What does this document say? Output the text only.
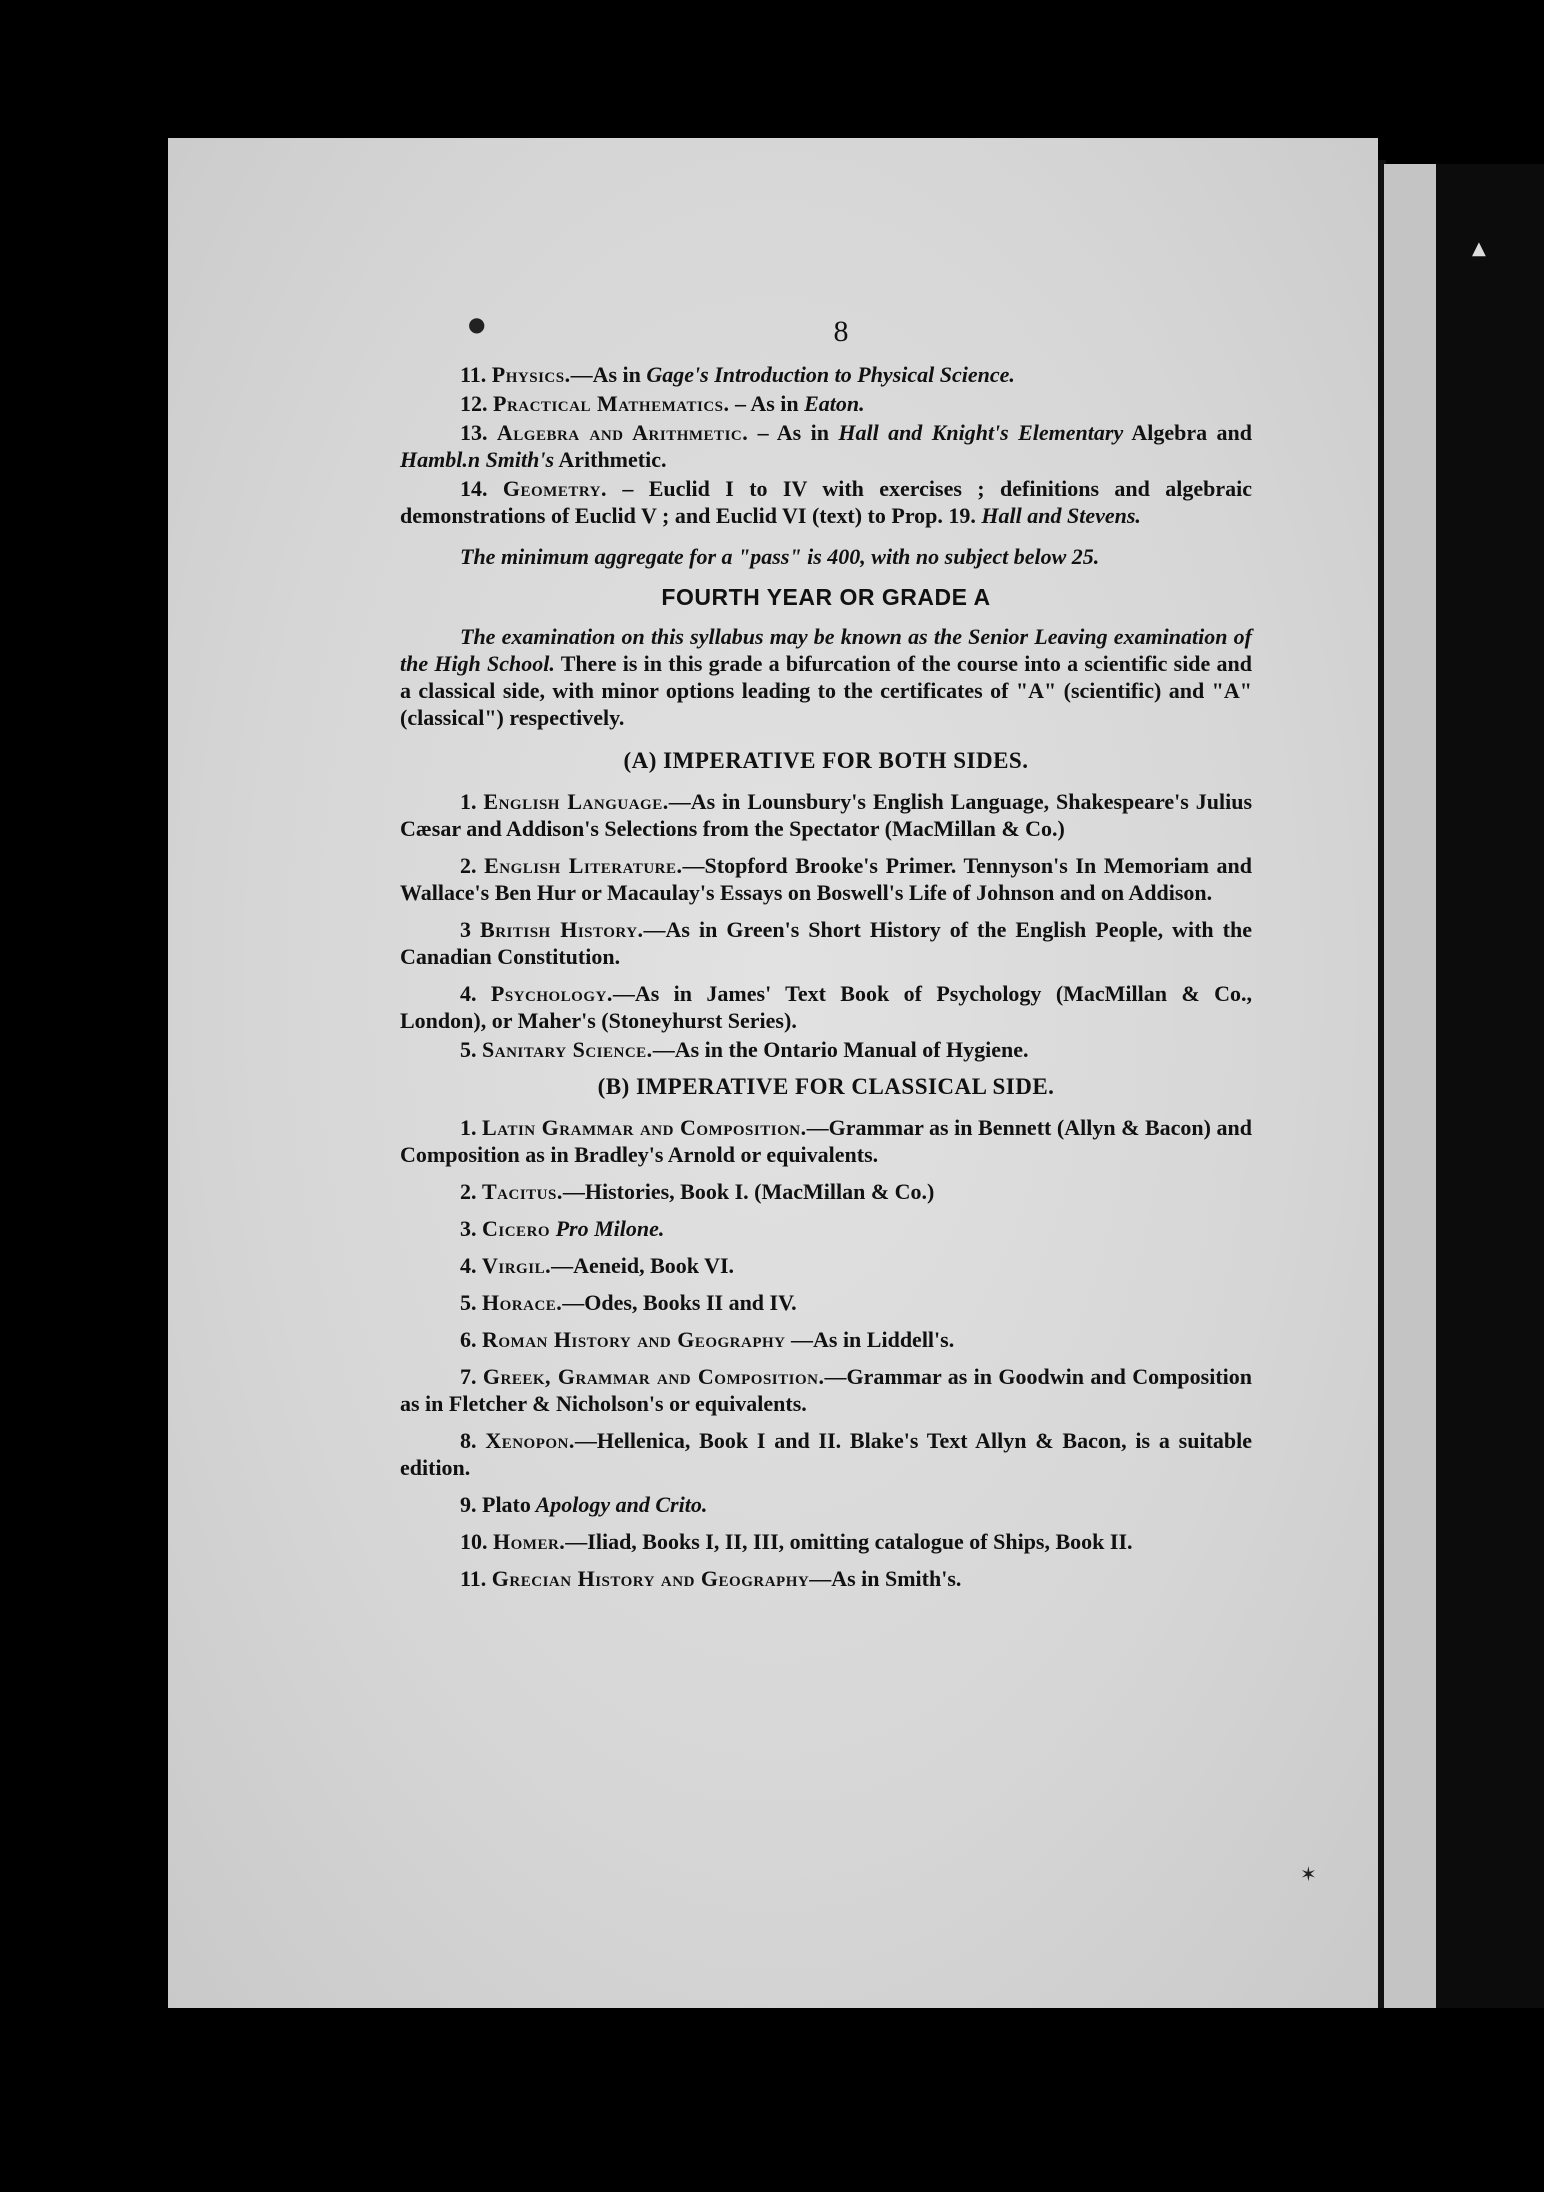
●
▲
✶
8

11. Physics.—As in Gage's Introduction to Physical Science.

12. Practical Mathematics. – As in Eaton.

13. Algebra and Arithmetic. – As in Hall and Knight's Elementary Algebra and Hambl.n Smith's Arithmetic.

14. Geometry. – Euclid I to IV with exercises ; definitions and algebraic demonstrations of Euclid V ; and Euclid VI (text) to Prop. 19. Hall and Stevens.

The minimum aggregate for a "pass" is 400, with no subject below 25.

FOURTH YEAR OR GRADE A

The examination on this syllabus may be known as the Senior Leaving examination of the High School. There is in this grade a bifurcation of the course into a scientific side and a classical side, with minor options leading to the certificates of "A" (scientific) and "A" (classical") respectively.

(A) IMPERATIVE FOR BOTH SIDES.

1. English Language.—As in Lounsbury's English Language, Shakespeare's Julius Cæsar and Addison's Selections from the Spectator (MacMillan & Co.)

2. English Literature.—Stopford Brooke's Primer. Tennyson's In Memoriam and Wallace's Ben Hur or Macaulay's Essays on Boswell's Life of Johnson and on Addison.

3 British History.—As in Green's Short History of the English People, with the Canadian Constitution.

4. Psychology.—As in James' Text Book of Psychology (MacMillan & Co., London), or Maher's (Stoneyhurst Series).

5. Sanitary Science.—As in the Ontario Manual of Hygiene.

(B) IMPERATIVE FOR CLASSICAL SIDE.

1. Latin Grammar and Composition.—Grammar as in Bennett (Allyn & Bacon) and Composition as in Bradley's Arnold or equivalents.

2. Tacitus.—Histories, Book I. (MacMillan & Co.)

3. Cicero Pro Milone.

4. Virgil.—Aeneid, Book VI.

5. Horace.—Odes, Books II and IV.

6. Roman History and Geography —As in Liddell's.

7. Greek, Grammar and Composition.—Grammar as in Goodwin and Composition as in Fletcher & Nicholson's or equivalents.

8. Xenopon.—Hellenica, Book I and II. Blake's Text Allyn & Bacon, is a suitable edition.

9. Plato Apology and Crito.

10. Homer.—Iliad, Books I, II, III, omitting catalogue of Ships, Book II.

11. Grecian History and Geography—As in Smith's.
